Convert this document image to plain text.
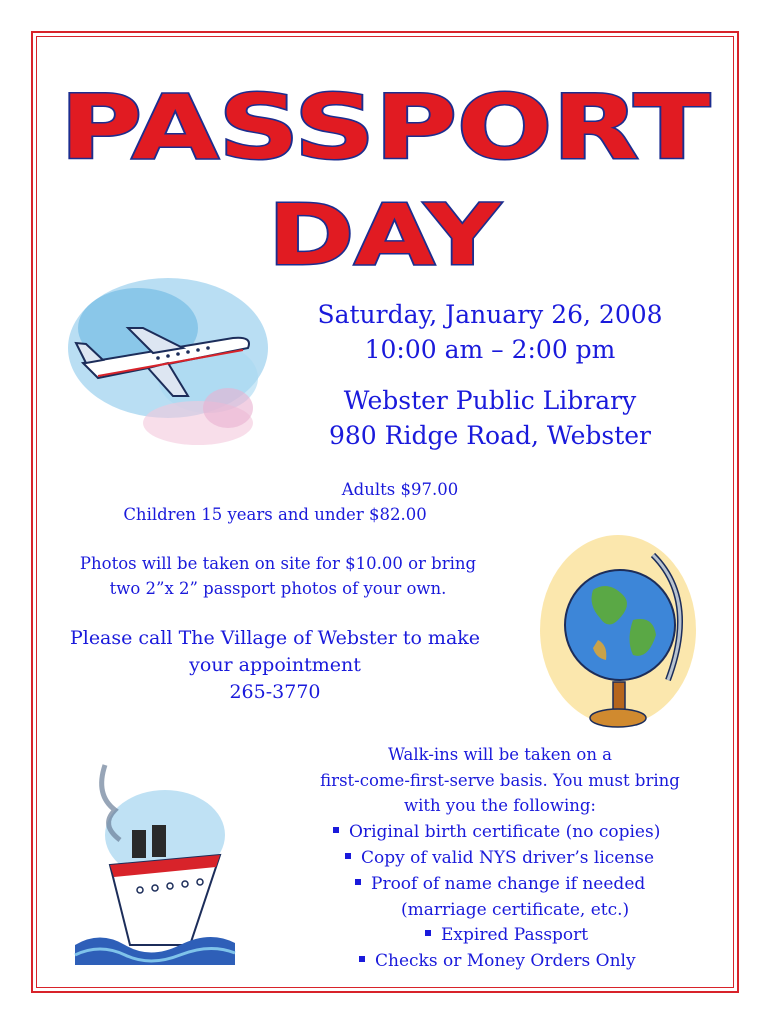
PASSPORT
DAY
Saturday, January 26, 2008
10:00 am – 2:00 pm
Webster Public Library
980 Ridge Road, Webster
Adults $97.00
Children 15 years and under $82.00
Photos will be taken on site for $10.00 or bring
two 2”x 2” passport photos of your own.
Please call The Village of Webster to make
your appointment
265-3770
Walk-ins will be taken on a
first-come-first-serve basis. You must bring
with you the following:
Original birth certificate (no copies)
Copy of valid NYS driver’s license
Proof of name change if needed
(marriage certificate, etc.)
Expired Passport
Checks or Money Orders Only
